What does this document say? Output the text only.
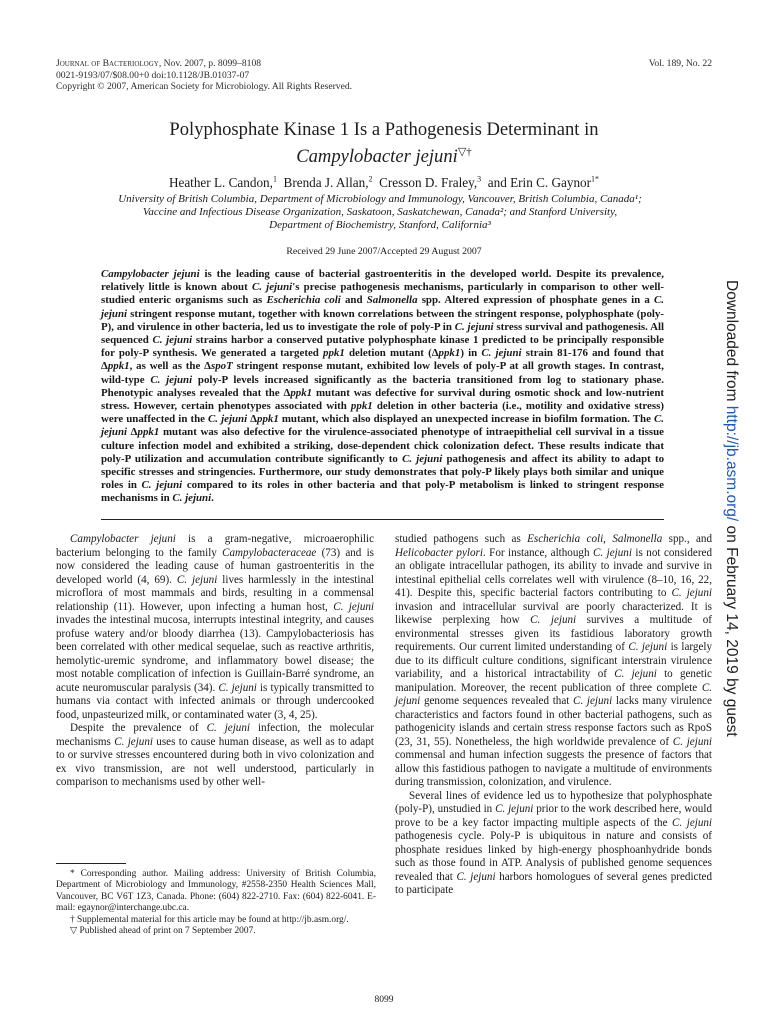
Journal of Bacteriology, Nov. 2007, p. 8099–8108
0021-9193/07/$08.00+0 doi:10.1128/JB.01037-07
Copyright © 2007, American Society for Microbiology. All Rights Reserved.
Vol. 189, No. 22
Polyphosphate Kinase 1 Is a Pathogenesis Determinant in
Campylobacter jejuni▽†
Heather L. Candon,$^1$ Brenda J. Allan,$^2$ Cresson D. Fraley,$^3$ and Erin C. Gaynor$^{1*}$
University of British Columbia, Department of Microbiology and Immunology, Vancouver, British Columbia, Canada¹;
Vaccine and Infectious Disease Organization, Saskatoon, Saskatchewan, Canada²; and Stanford University,
Department of Biochemistry, Stanford, California³
Received 29 June 2007/Accepted 29 August 2007
Campylobacter jejuni is the leading cause of bacterial gastroenteritis in the developed world. Despite its prevalence, relatively little is known about C. jejuni's precise pathogenesis mechanisms, particularly in comparison to other well-studied enteric organisms such as Escherichia coli and Salmonella spp. Altered expression of phosphate genes in a C. jejuni stringent response mutant, together with known correlations between the stringent response, polyphosphate (poly-P), and virulence in other bacteria, led us to investigate the role of poly-P in C. jejuni stress survival and pathogenesis. All sequenced C. jejuni strains harbor a conserved putative polyphosphate kinase 1 predicted to be principally responsible for poly-P synthesis. We generated a targeted ppk1 deletion mutant (Δppk1) in C. jejuni strain 81-176 and found that Δppk1, as well as the ΔspoT stringent response mutant, exhibited low levels of poly-P at all growth stages. In contrast, wild-type C. jejuni poly-P levels increased significantly as the bacteria transitioned from log to stationary phase. Phenotypic analyses revealed that the Δppk1 mutant was defective for survival during osmotic shock and low-nutrient stress. However, certain phenotypes associated with ppk1 deletion in other bacteria (i.e., motility and oxidative stress) were unaffected in the C. jejuni Δppk1 mutant, which also displayed an unexpected increase in biofilm formation. The C. jejuni Δppk1 mutant was also defective for the virulence-associated phenotype of intraepithelial cell survival in a tissue culture infection model and exhibited a striking, dose-dependent chick colonization defect. These results indicate that poly-P utilization and accumulation contribute significantly to C. jejuni pathogenesis and affect its ability to adapt to specific stresses and stringencies. Furthermore, our study demonstrates that poly-P likely plays both similar and unique roles in C. jejuni compared to its roles in other bacteria and that poly-P metabolism is linked to stringent response mechanisms in C. jejuni.

Campylobacter jejuni is a gram-negative, microaerophilic bacterium belonging to the family Campylobacteraceae (73) and is now considered the leading cause of human gastroenteritis in the developed world (4, 69). C. jejuni lives harmlessly in the intestinal microflora of most mammals and birds, resulting in a commensal relationship (11). However, upon infecting a human host, C. jejuni invades the intestinal mucosa, interrupts intestinal integrity, and causes profuse watery and/or bloody diarrhea (13). Campylobacteriosis has been correlated with other medical sequelae, such as reactive arthritis, hemolytic-uremic syndrome, and inflammatory bowel disease; the most notable complication of infection is Guillain-Barré syndrome, an acute neuromuscular paralysis (34). C. jejuni is typically transmitted to humans via contact with infected animals or through undercooked food, unpasteurized milk, or contaminated water (3, 4, 25).

Despite the prevalence of C. jejuni infection, the molecular mechanisms C. jejuni uses to cause human disease, as well as to adapt to or survive stresses encountered during both in vivo colonization and ex vivo transmission, are not well understood, particularly in comparison to mechanisms used by other well-

* Corresponding author. Mailing address: University of British Columbia, Department of Microbiology and Immunology, #2558-2350 Health Sciences Mall, Vancouver, BC V6T 1Z3, Canada. Phone: (604) 822-2710. Fax: (604) 822-6041. E-mail: egaynor@interchange.ubc.ca.

† Supplemental material for this article may be found at http://jb.asm.org/.

▽ Published ahead of print on 7 September 2007.

studied pathogens such as Escherichia coli, Salmonella spp., and Helicobacter pylori. For instance, although C. jejuni is not considered an obligate intracellular pathogen, its ability to invade and survive in intestinal epithelial cells correlates well with virulence (8–10, 16, 22, 41). Despite this, specific bacterial factors contributing to C. jejuni invasion and intracellular survival are poorly characterized. It is likewise perplexing how C. jejuni survives a multitude of environmental stresses given its fastidious laboratory growth requirements. Our current limited understanding of C. jejuni is largely due to its difficult culture conditions, significant interstrain virulence variability, and a historical intractability of C. jejuni to genetic manipulation. Moreover, the recent publication of three complete C. jejuni genome sequences revealed that C. jejuni lacks many virulence characteristics and factors found in other bacterial pathogens, such as pathogenicity islands and certain stress response factors such as RpoS (23, 31, 55). Nonetheless, the high worldwide prevalence of C. jejuni commensal and human infection suggests the presence of factors that allow this fastidious pathogen to navigate a multitude of environments during transmission, colonization, and virulence.

Several lines of evidence led us to hypothesize that polyphosphate (poly-P), unstudied in C. jejuni prior to the work described here, would prove to be a key factor impacting multiple aspects of the C. jejuni pathogenesis cycle. Poly-P is ubiquitous in nature and consists of phosphate residues linked by high-energy phosphoanhydride bonds such as those found in ATP. Analysis of published genome sequences revealed that C. jejuni harbors homologues of several genes predicted to participate

8099
Downloaded from http://jb.asm.org/ on February 14, 2019 by guest
